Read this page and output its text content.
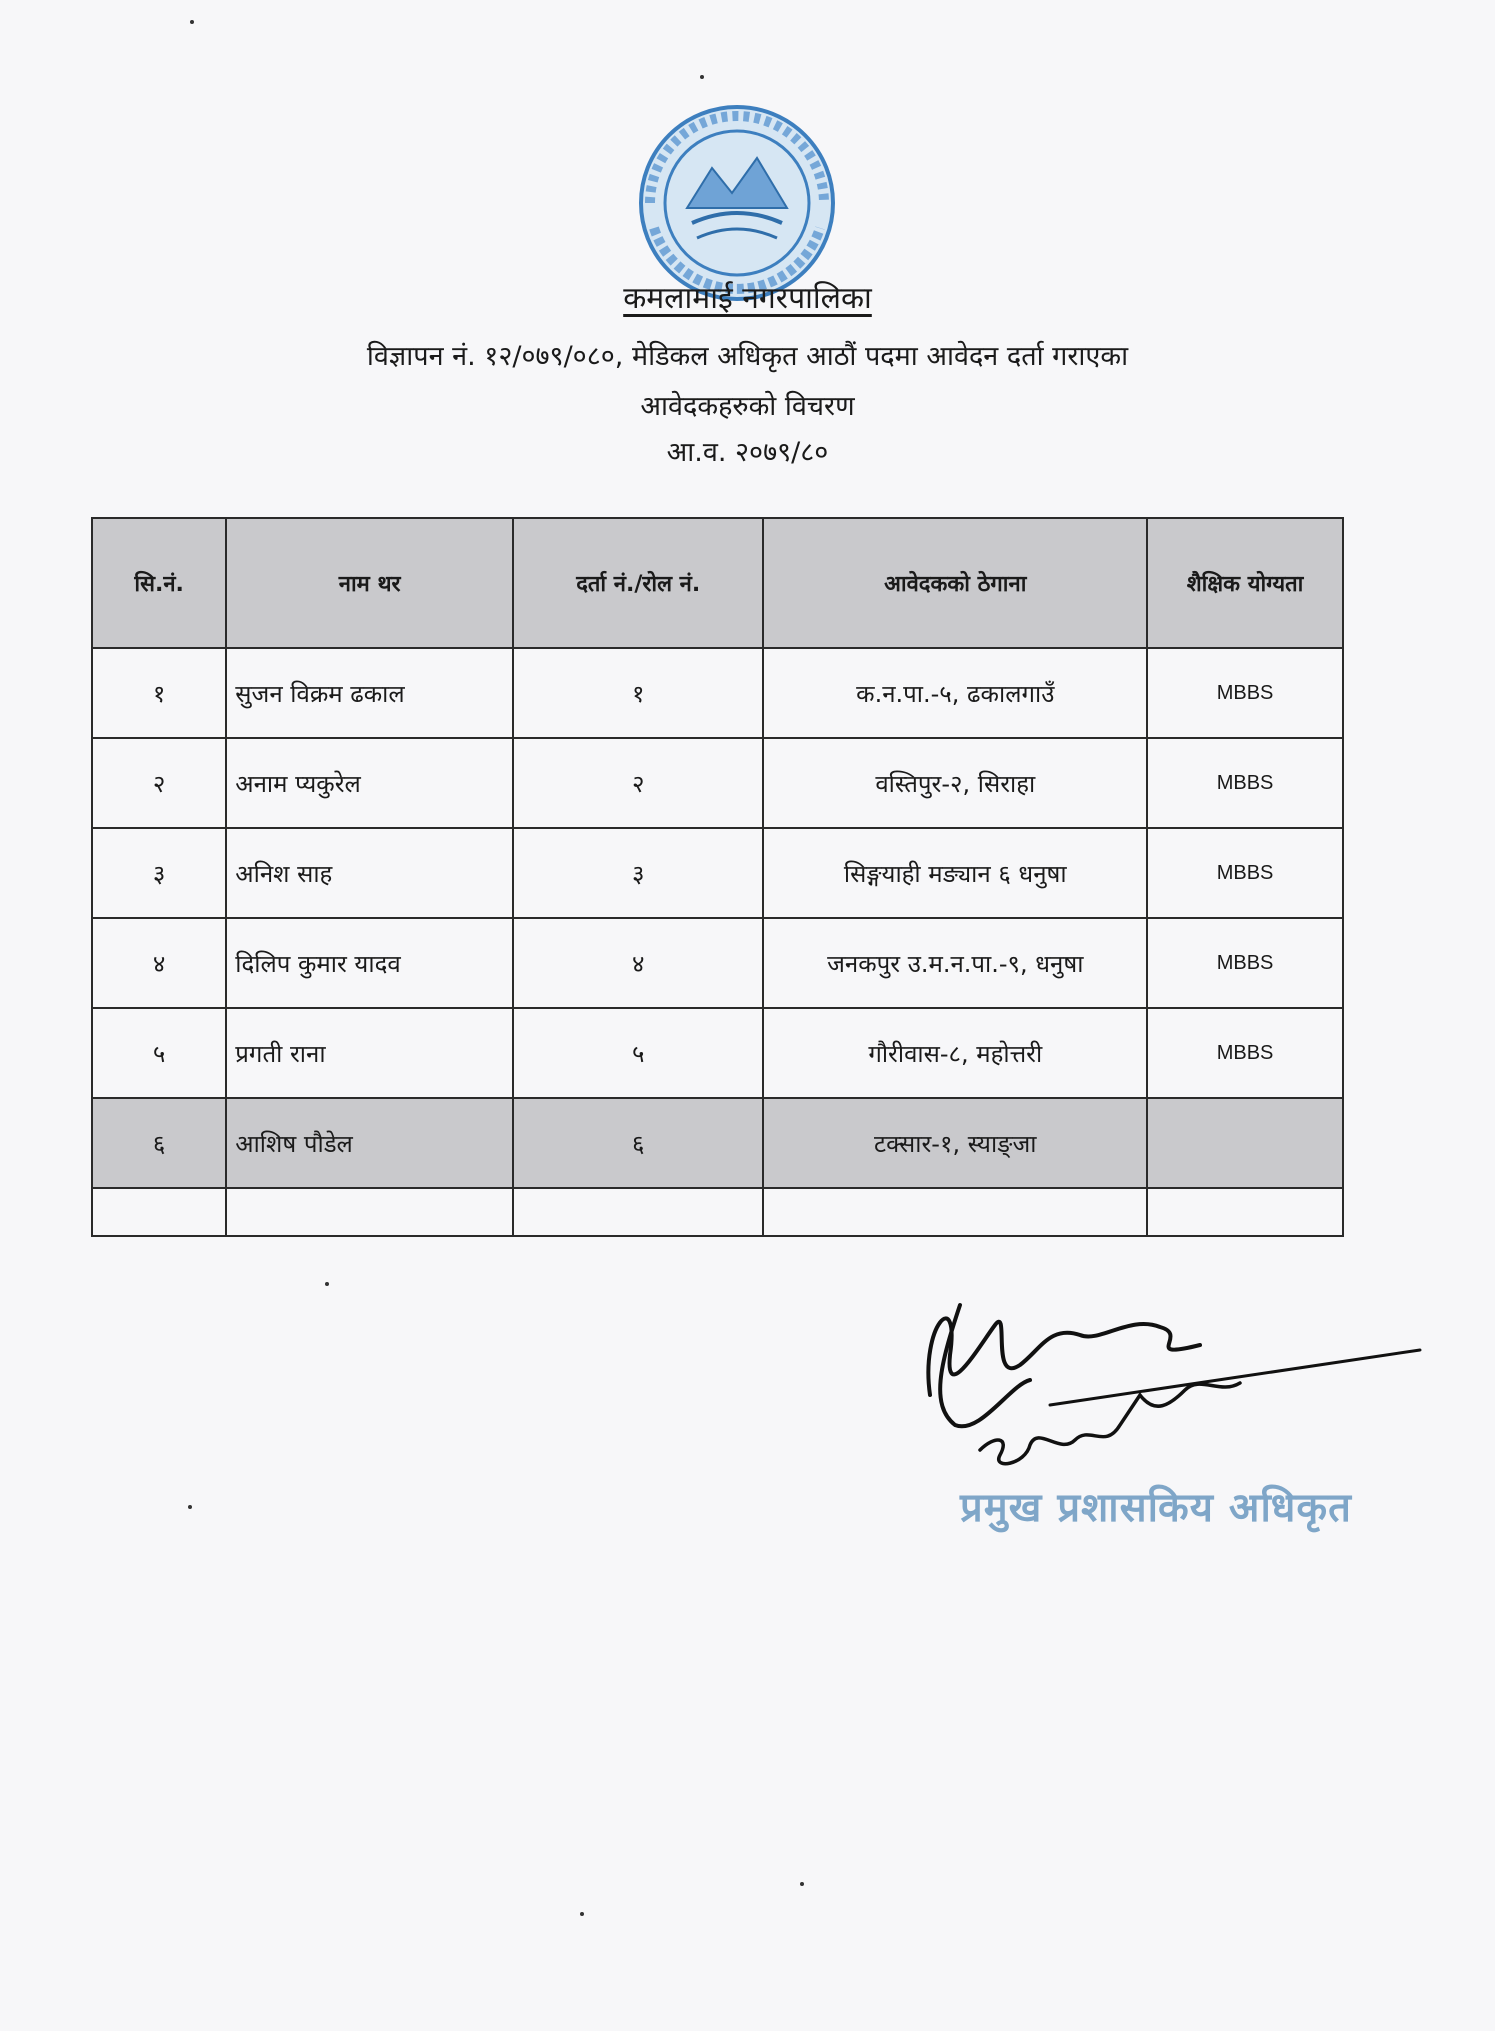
कमलामाई नगरपालिका
विज्ञापन नं. १२/०७९/०८०, मेडिकल अधिकृत आठौं पदमा आवेदन दर्ता गराएका
आवेदकहरुको विचरण
आ.व. २०७९/८०
सि.नं.	नाम थर	दर्ता नं./रोल नं.	आवेदकको ठेगाना	शैक्षिक योग्यता
१	सुजन विक्रम ढकाल	१	क.न.पा.-५, ढकालगाउँ	MBBS
२	अनाम प्यकुरेल	२	वस्तिपुर-२, सिराहा	MBBS
३	अनिश साह	३	सिङ्गयाही मङ्यान ६ धनुषा	MBBS
४	दिलिप कुमार यादव	४	जनकपुर उ.म.न.पा.-९, धनुषा	MBBS
५	प्रगती राना	५	गौरीवास-८, महोत्तरी	MBBS
६	आशिष पौडेल	६	टक्सार-१, स्याङ्जा	

प्रमुख प्रशासकिय अधिकृत
